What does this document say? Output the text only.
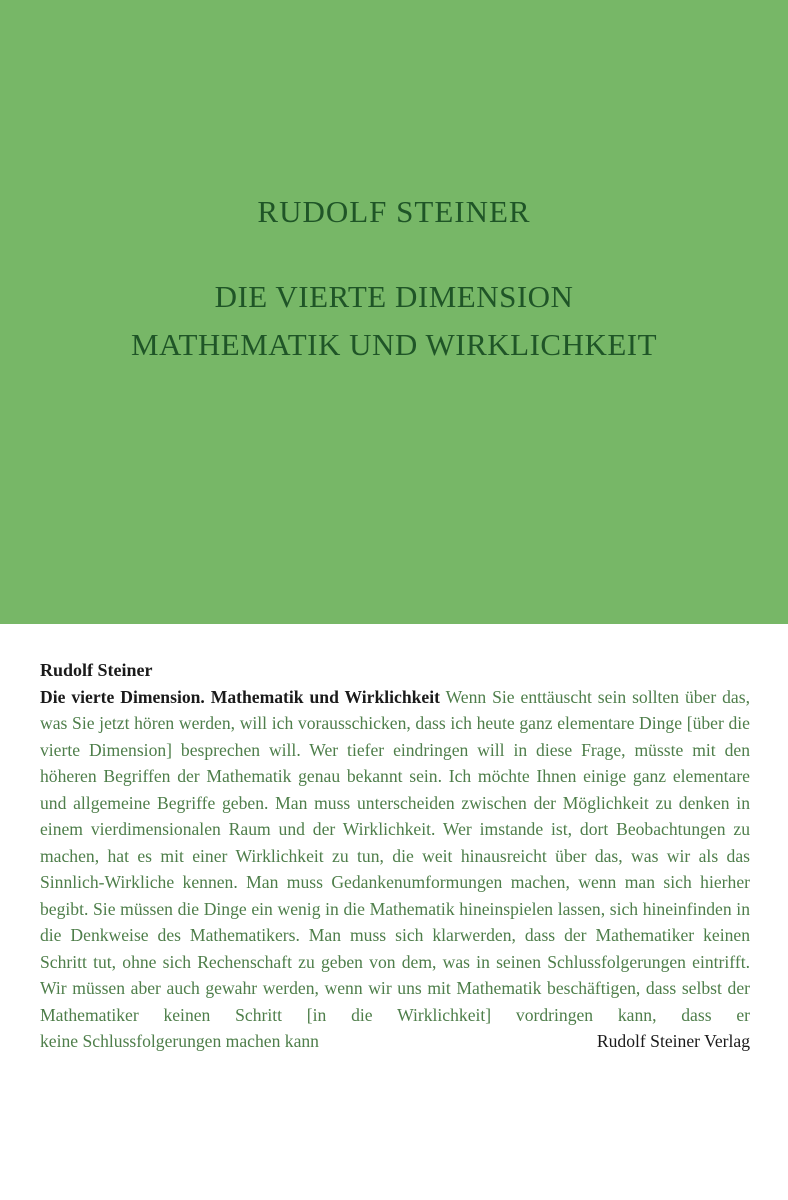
RUDOLF STEINER

DIE VIERTE DIMENSION
MATHEMATIK UND WIRKLICHKEIT

Rudolf Steiner

Die vierte Dimension. Mathematik und Wirklichkeit Wenn Sie enttäuscht sein sollten über das, was Sie jetzt hören werden, will ich vorausschicken, dass ich heute ganz elementare Dinge [über die vierte Dimension] besprechen will. Wer tiefer eindringen will in diese Frage, müsste mit den höheren Begriffen der Mathematik genau bekannt sein. Ich möchte Ihnen einige ganz elementare und allgemeine Begriffe geben. Man muss unterscheiden zwischen der Möglichkeit zu denken in einem vierdimensionalen Raum und der Wirklichkeit. Wer imstande ist, dort Beobachtungen zu machen, hat es mit einer Wirklichkeit zu tun, die weit hinausreicht über das, was wir als das Sinnlich-Wirkliche kennen. Man muss Gedankenumformungen machen, wenn man sich hierher begibt. Sie müssen die Dinge ein wenig in die Mathematik hineinspielen lassen, sich hineinfinden in die Denkweise des Mathematikers. Man muss sich klarwerden, dass der Mathematiker keinen Schritt tut, ohne sich Rechenschaft zu geben von dem, was in seinen Schlussfolgerungen eintrifft. Wir müssen aber auch gewahr werden, wenn wir uns mit Mathematik beschäftigen, dass selbst der Mathematiker keinen Schritt [in die Wirklichkeit] vordringen kann, dass er

keine Schlussfolgerungen machen kann	Rudolf Steiner Verlag
